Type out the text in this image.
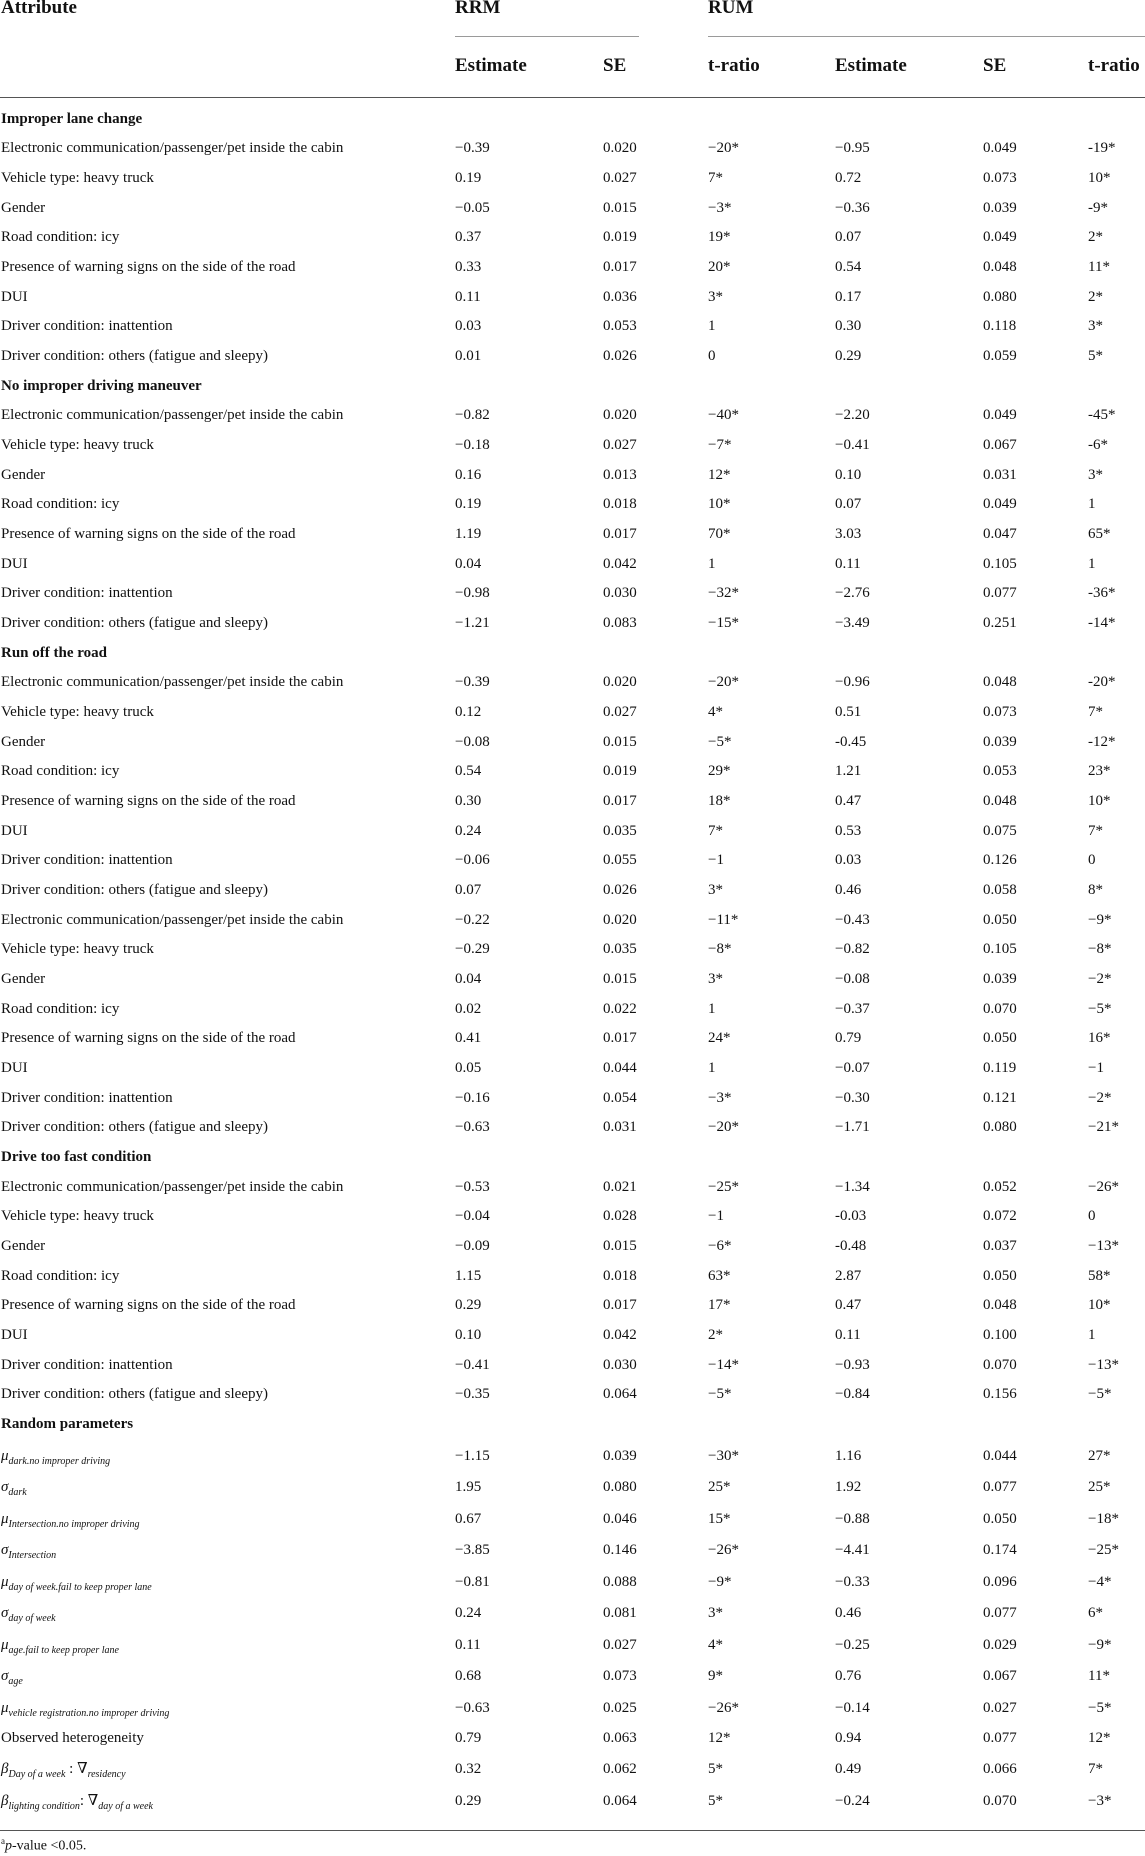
Attribute	RRM	RUM
Estimate	SE	t-ratio	Estimate	SE	t-ratio
Improper lane change
Electronic communication/passenger/pet inside the cabin	−0.39	0.020	−20*	−0.95	0.049	-19*
Vehicle type: heavy truck	0.19	0.027	7*	0.72	0.073	10*
Gender	−0.05	0.015	−3*	−0.36	0.039	-9*
Road condition: icy	0.37	0.019	19*	0.07	0.049	2*
Presence of warning signs on the side of the road	0.33	0.017	20*	0.54	0.048	11*
DUI	0.11	0.036	3*	0.17	0.080	2*
Driver condition: inattention	0.03	0.053	1	0.30	0.118	3*
Driver condition: others (fatigue and sleepy)	0.01	0.026	0	0.29	0.059	5*
No improper driving maneuver
Electronic communication/passenger/pet inside the cabin	−0.82	0.020	−40*	−2.20	0.049	-45*
Vehicle type: heavy truck	−0.18	0.027	−7*	−0.41	0.067	-6*
Gender	0.16	0.013	12*	0.10	0.031	3*
Road condition: icy	0.19	0.018	10*	0.07	0.049	1
Presence of warning signs on the side of the road	1.19	0.017	70*	3.03	0.047	65*
DUI	0.04	0.042	1	0.11	0.105	1
Driver condition: inattention	−0.98	0.030	−32*	−2.76	0.077	-36*
Driver condition: others (fatigue and sleepy)	−1.21	0.083	−15*	−3.49	0.251	-14*
Run off the road
Electronic communication/passenger/pet inside the cabin	−0.39	0.020	−20*	−0.96	0.048	-20*
Vehicle type: heavy truck	0.12	0.027	4*	0.51	0.073	7*
Gender	−0.08	0.015	−5*	-0.45	0.039	-12*
Road condition: icy	0.54	0.019	29*	1.21	0.053	23*
Presence of warning signs on the side of the road	0.30	0.017	18*	0.47	0.048	10*
DUI	0.24	0.035	7*	0.53	0.075	7*
Driver condition: inattention	−0.06	0.055	−1	0.03	0.126	0
Driver condition: others (fatigue and sleepy)	0.07	0.026	3*	0.46	0.058	8*
Electronic communication/passenger/pet inside the cabin	−0.22	0.020	−11*	−0.43	0.050	−9*
Vehicle type: heavy truck	−0.29	0.035	−8*	−0.82	0.105	−8*
Gender	0.04	0.015	3*	−0.08	0.039	−2*
Road condition: icy	0.02	0.022	1	−0.37	0.070	−5*
Presence of warning signs on the side of the road	0.41	0.017	24*	0.79	0.050	16*
DUI	0.05	0.044	1	−0.07	0.119	−1
Driver condition: inattention	−0.16	0.054	−3*	−0.30	0.121	−2*
Driver condition: others (fatigue and sleepy)	−0.63	0.031	−20*	−1.71	0.080	−21*
Drive too fast condition
Electronic communication/passenger/pet inside the cabin	−0.53	0.021	−25*	−1.34	0.052	−26*
Vehicle type: heavy truck	−0.04	0.028	−1	-0.03	0.072	0
Gender	−0.09	0.015	−6*	-0.48	0.037	−13*
Road condition: icy	1.15	0.018	63*	2.87	0.050	58*
Presence of warning signs on the side of the road	0.29	0.017	17*	0.47	0.048	10*
DUI	0.10	0.042	2*	0.11	0.100	1
Driver condition: inattention	−0.41	0.030	−14*	−0.93	0.070	−13*
Driver condition: others (fatigue and sleepy)	−0.35	0.064	−5*	−0.84	0.156	−5*
Random parameters
$\mu_{dark.no improper driving}$	−1.15	0.039	−30*	1.16	0.044	27*
$\sigma_{dark}$	1.95	0.080	25*	1.92	0.077	25*
$\mu_{Intersection.no improper driving}$	0.67	0.046	15*	−0.88	0.050	−18*
$\sigma_{Intersection}$	−3.85	0.146	−26*	−4.41	0.174	−25*
$\mu_{day of week.fail to keep proper lane}$	−0.81	0.088	−9*	−0.33	0.096	−4*
$\sigma_{day of week}$	0.24	0.081	3*	0.46	0.077	6*
$\mu_{age.fail to keep proper lane}$	0.11	0.027	4*	−0.25	0.029	−9*
$\sigma_{age}$	0.68	0.073	9*	0.76	0.067	11*
$\mu_{vehicle registration.no improper driving}$	−0.63	0.025	−26*	−0.14	0.027	−5*
Observed heterogeneity	0.79	0.063	12*	0.94	0.077	12*
$\beta_{Day of a week}$ : $\nabla_{residency}$	0.32	0.062	5*	0.49	0.066	7*
$\beta_{lighting condition}$: $\nabla_{day of a week}$	0.29	0.064	5*	−0.24	0.070	−3*
$^a$p-value <0.05.
